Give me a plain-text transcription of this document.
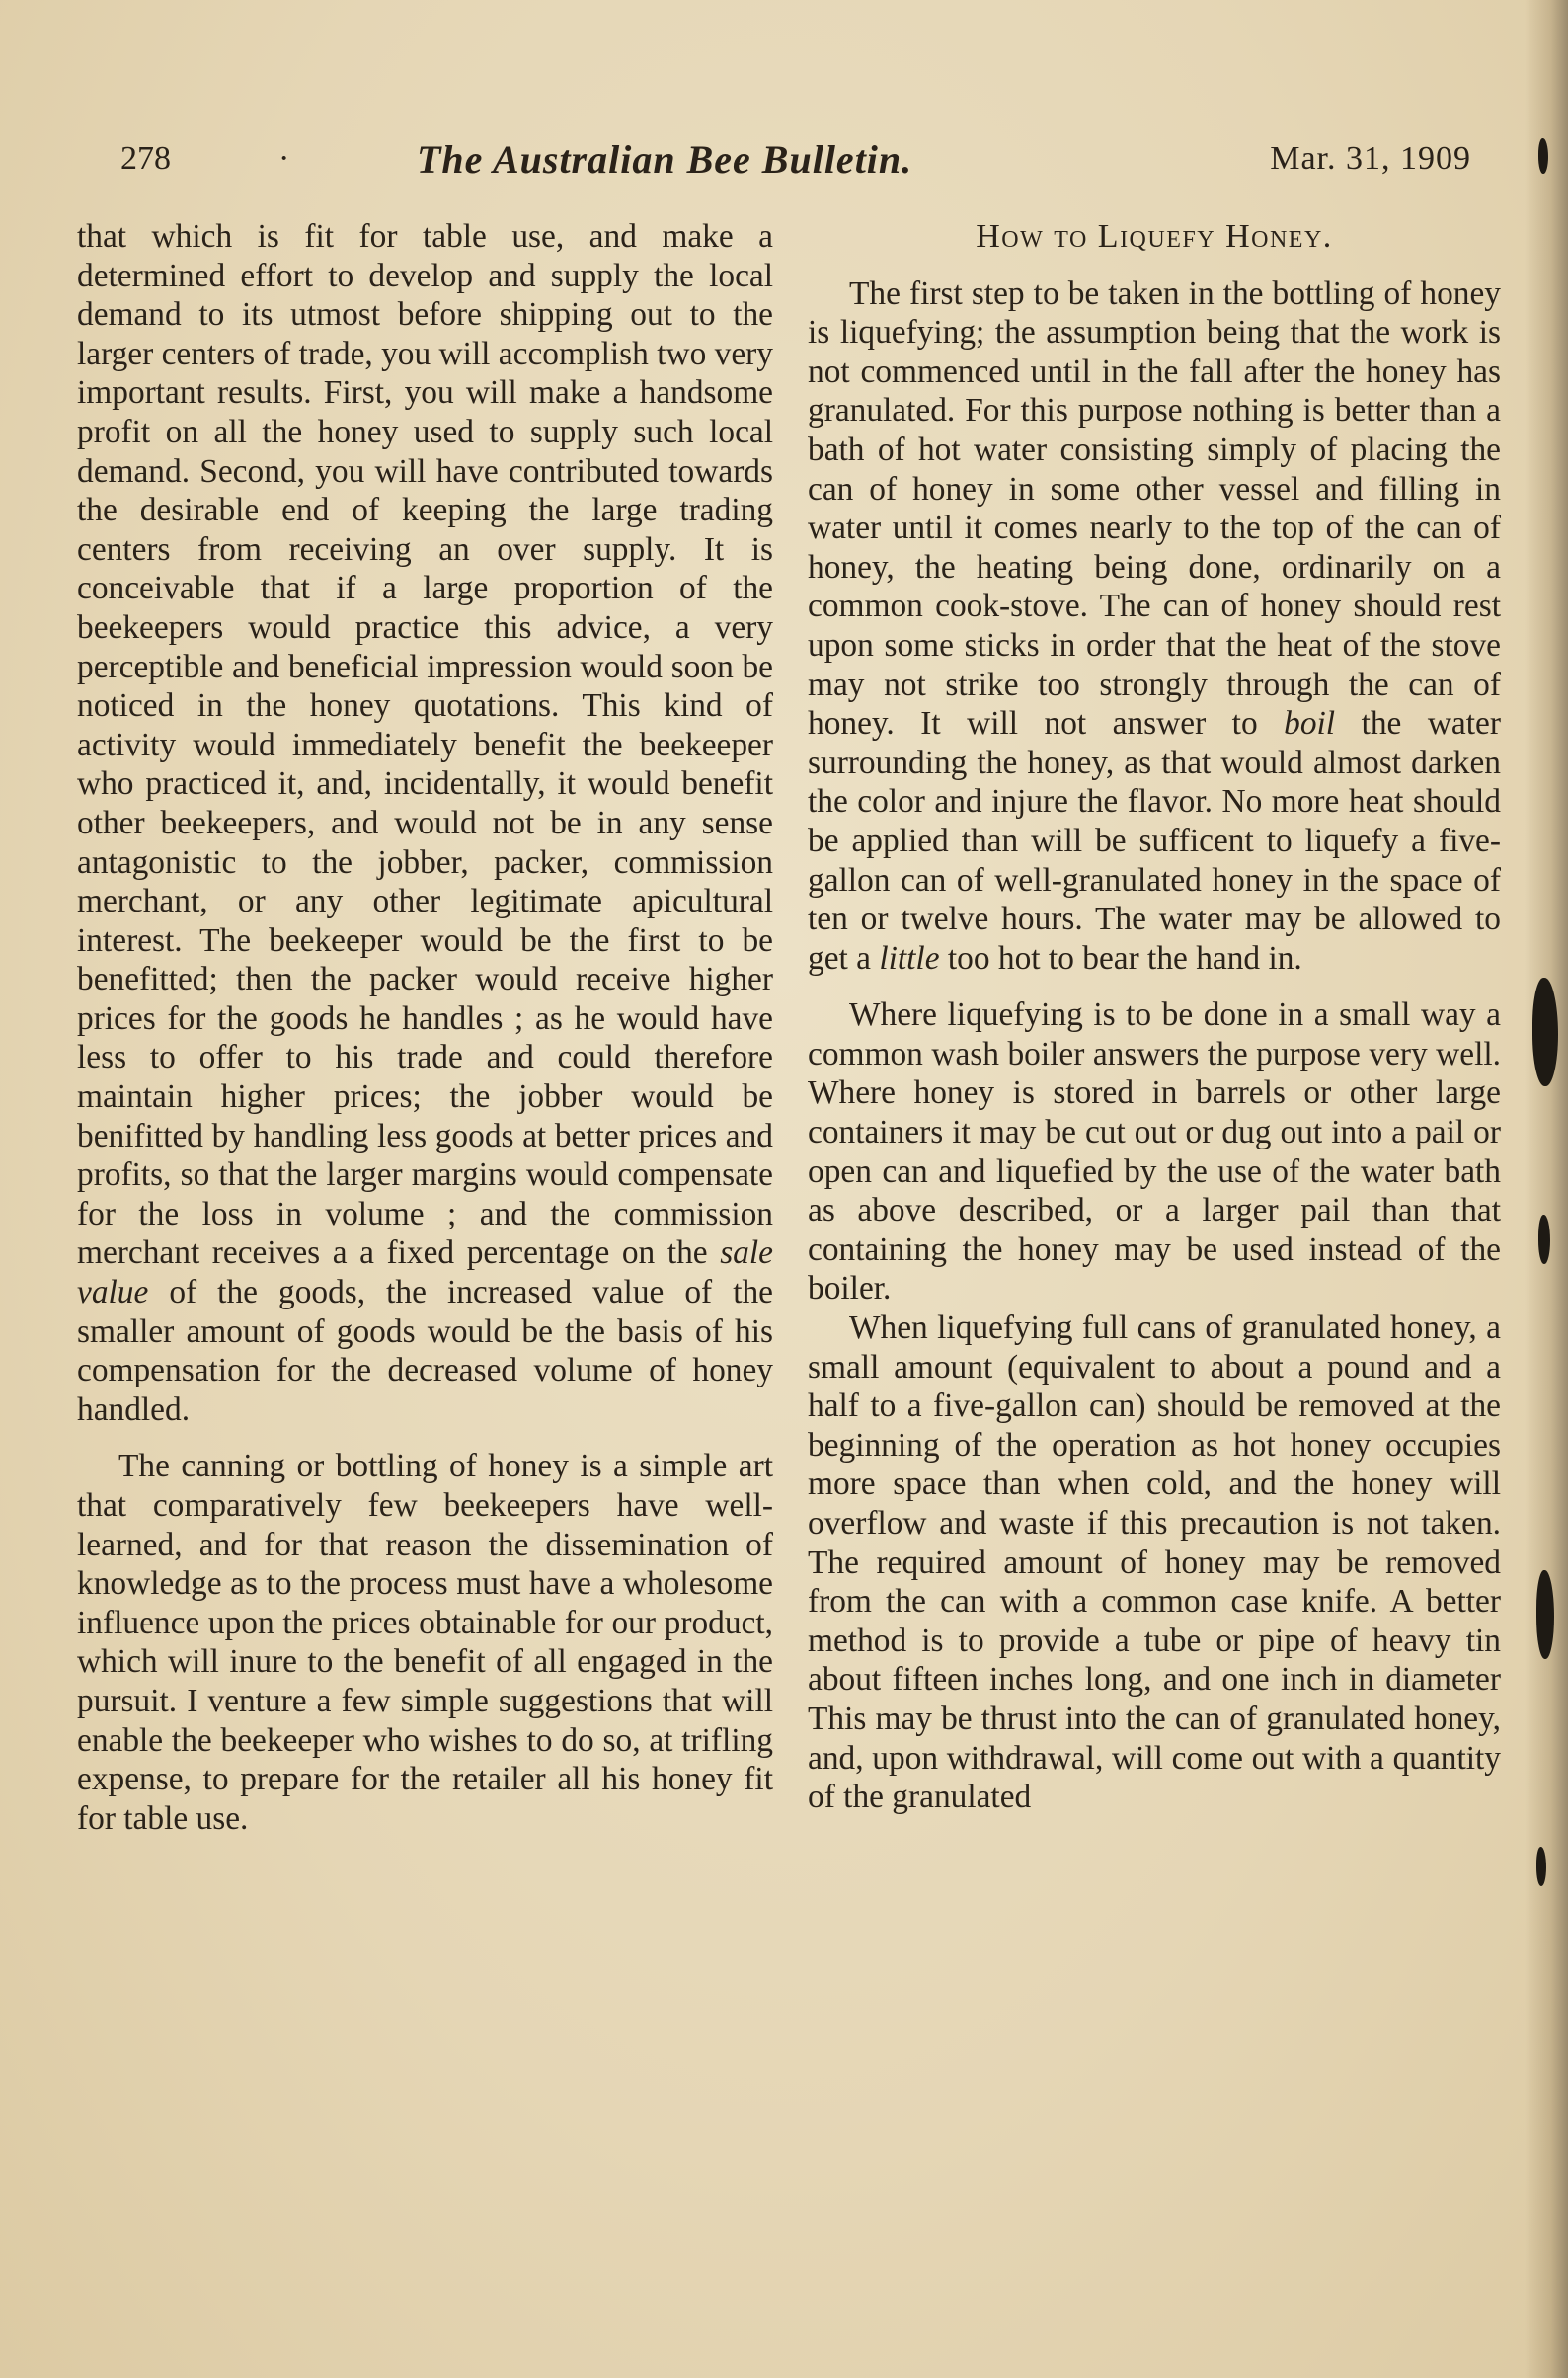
278	·	The Australian Bee Bulletin.	Mar. 31, 1909

that which is fit for table use, and make a determined effort to develop and supply the local demand to its utmost before shipping out to the larger centers of trade, you will accomplish two very important results. First, you will make a handsome profit on all the honey used to supply such local demand. Second, you will have contributed towards the desirable end of keeping the large trading centers from receiving an over supply. It is conceivable that if a large proportion of the beekeepers would practice this advice, a very perceptible and beneficial impression would soon be noticed in the honey quotations. This kind of activity would immediately benefit the beekeeper who practiced it, and, incidentally, it would benefit other beekeepers, and would not be in any sense antagonistic to the jobber, packer, commission merchant, or any other legitimate apicultural interest. The beekeeper would be the first to be benefitted; then the packer would receive higher prices for the goods he handles ; as he would have less to offer to his trade and could therefore maintain higher prices; the jobber would be benifitted by handling less goods at better prices and profits, so that the larger margins would compensate for the loss in volume ; and the commission merchant receives a a fixed percentage on the sale value of the goods, the increased value of the smaller amount of goods would be the basis of his compensation for the decreased volume of honey handled.

The canning or bottling of honey is a simple art that comparatively few beekeepers have well-learned, and for that reason the dissemination of knowledge as to the process must have a wholesome influence upon the prices obtainable for our product, which will inure to the benefit of all engaged in the pursuit. I venture a few simple suggestions that will enable the beekeeper who wishes to do so, at trifling expense, to prepare for the retailer all his honey fit for table use.

How to Liquefy Honey.

The first step to be taken in the bottling of honey is liquefying; the assumption being that the work is not commenced until in the fall after the honey has granulated. For this purpose nothing is better than a bath of hot water consisting simply of placing the can of honey in some other vessel and filling in water until it comes nearly to the top of the can of honey, the heating being done, ordinarily on a common cook-stove. The can of honey should rest upon some sticks in order that the heat of the stove may not strike too strongly through the can of honey. It will not answer to boil the water surrounding the honey, as that would almost darken the color and injure the flavor. No more heat should be applied than will be sufficent to liquefy a five-gallon can of well-granulated honey in the space of ten or twelve hours. The water may be allowed to get a little too hot to bear the hand in.

Where liquefying is to be done in a small way a common wash boiler answers the purpose very well. Where honey is stored in barrels or other large containers it may be cut out or dug out into a pail or open can and liquefied by the use of the water bath as above described, or a larger pail than that containing the honey may be used instead of the boiler.

When liquefying full cans of granulated honey, a small amount (equivalent to about a pound and a half to a five-gallon can) should be removed at the beginning of the operation as hot honey occupies more space than when cold, and the honey will overflow and waste if this precaution is not taken. The required amount of honey may be removed from the can with a common case knife. A better method is to provide a tube or pipe of heavy tin about fifteen inches long, and one inch in diameter This may be thrust into the can of granulated honey, and, upon withdrawal, will come out with a quantity of the granulated
